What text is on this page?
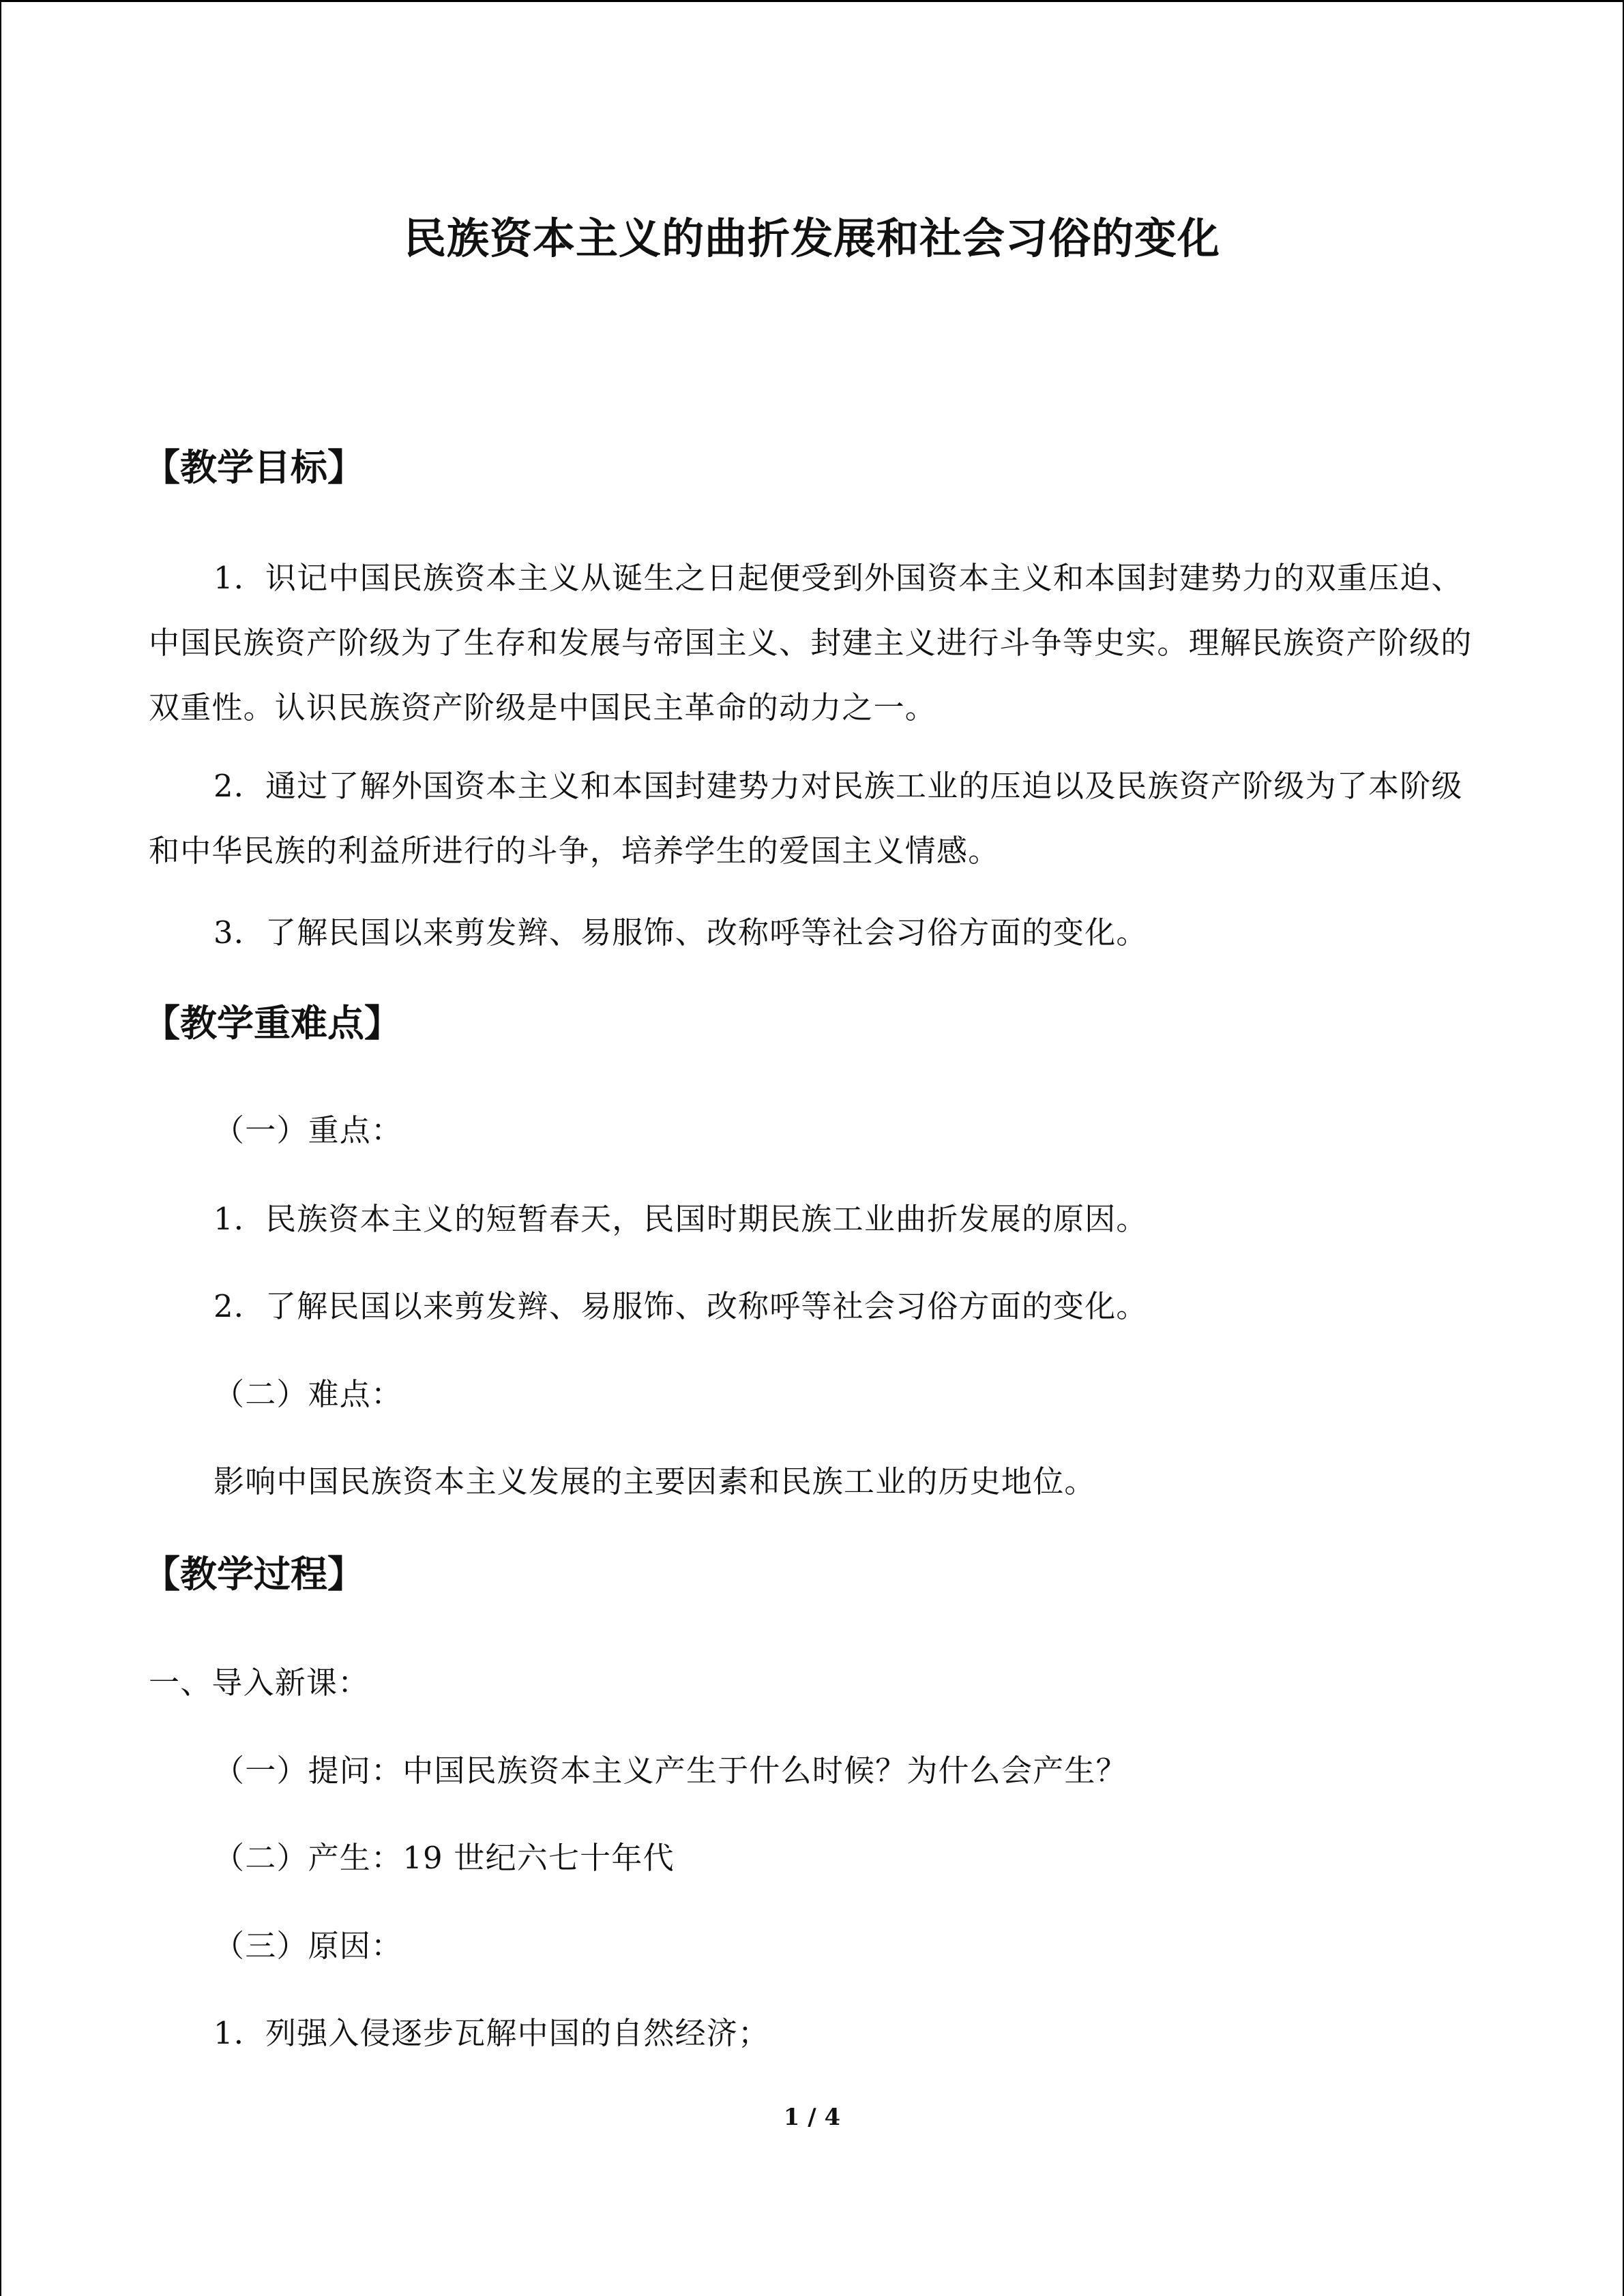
民族资本主义的曲折发展和社会习俗的变化
【教学目标】
1．识记中国民族资本主义从诞生之日起便受到外国资本主义和本国封建势力的双重压迫、中国民族资产阶级为了生存和发展与帝国主义、封建主义进行斗争等史实。理解民族资产阶级的双重性。认识民族资产阶级是中国民主革命的动力之一。
2．通过了解外国资本主义和本国封建势力对民族工业的压迫以及民族资产阶级为了本阶级和中华民族的利益所进行的斗争，培养学生的爱国主义情感。
3．了解民国以来剪发辫、易服饰、改称呼等社会习俗方面的变化。
【教学重难点】
（一）重点：
1．民族资本主义的短暂春天，民国时期民族工业曲折发展的原因。
2．了解民国以来剪发辫、易服饰、改称呼等社会习俗方面的变化。
（二）难点：
影响中国民族资本主义发展的主要因素和民族工业的历史地位。
【教学过程】
一、导入新课：
（一）提问：中国民族资本主义产生于什么时候？为什么会产生？
（二）产生：19 世纪六七十年代
（三）原因：
1．列强入侵逐步瓦解中国的自然经济；
1 / 4
